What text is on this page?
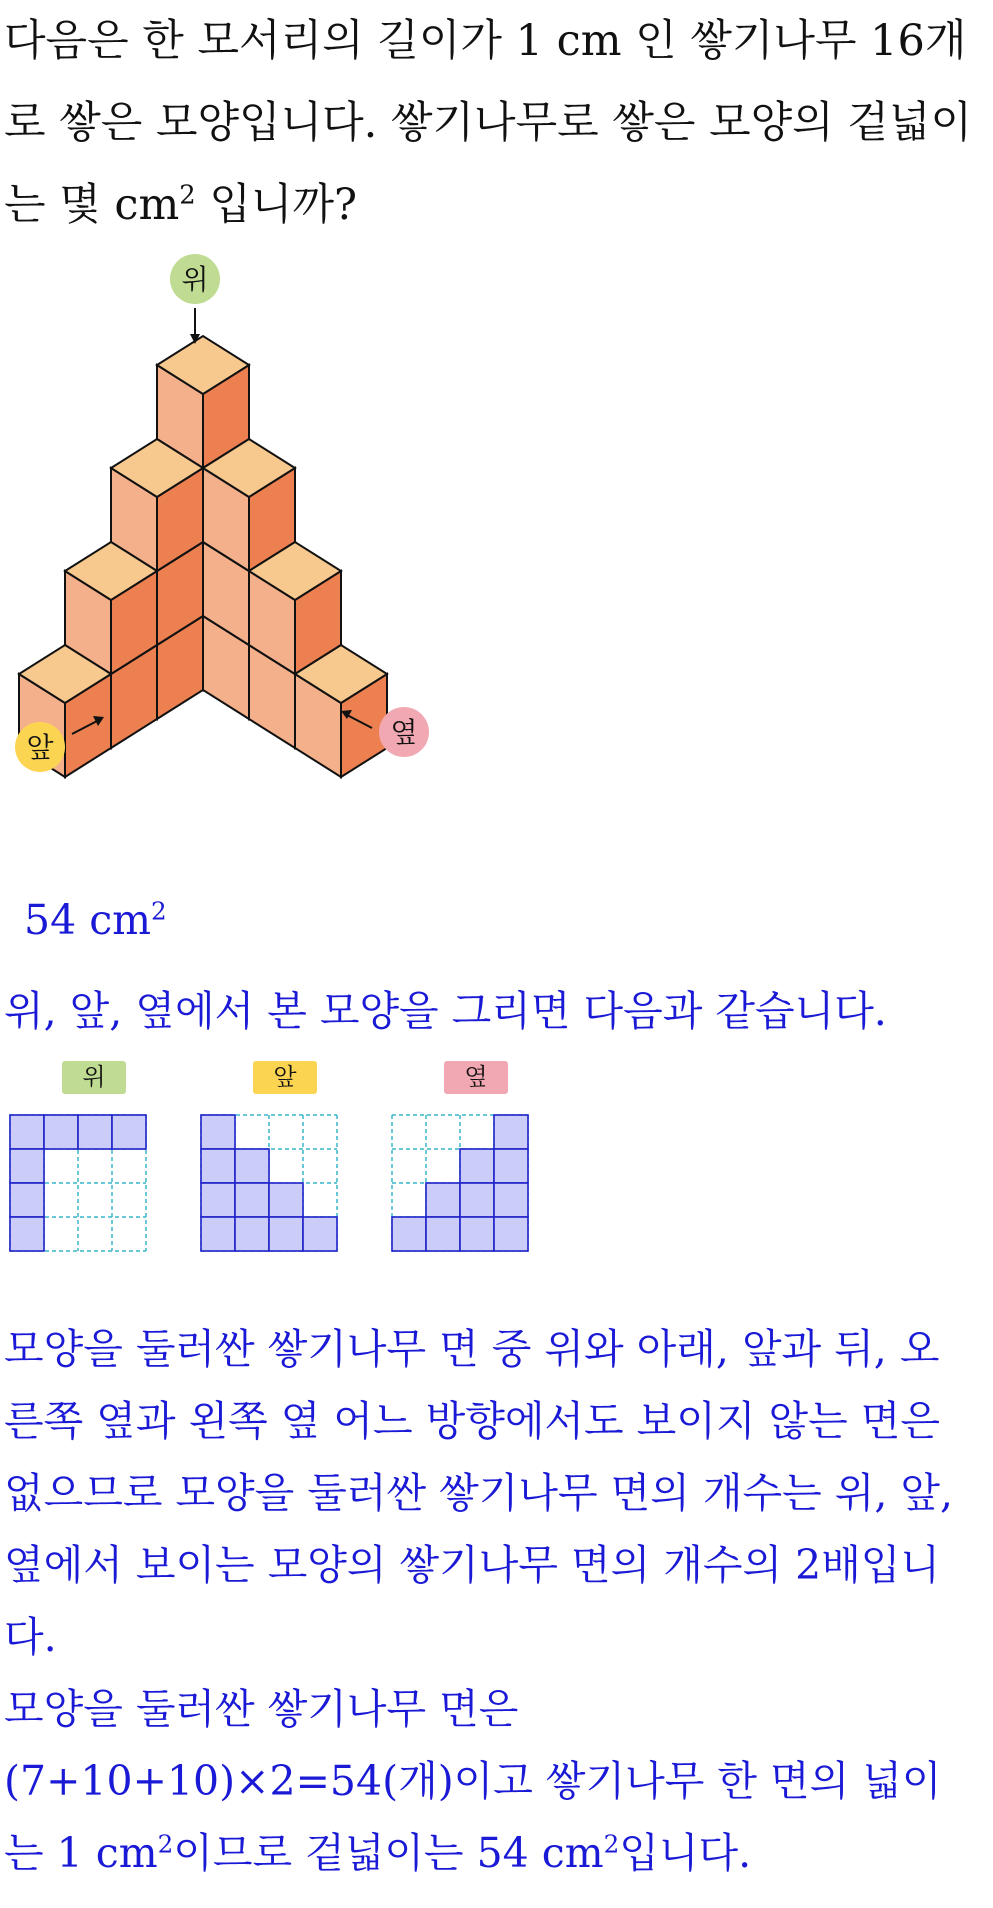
다음은 한 모서리의 길이가 1 cm 인 쌓기나무 16개
로 쌓은 모양입니다. 쌓기나무로 쌓은 모양의 겉넓이
는 몇 $cm^2$ 입니까?
위
앞	옆
54 $cm^2$
위, 앞, 옆에서 본 모양을 그리면 다음과 같습니다.
위	앞	옆
모양을 둘러싼 쌓기나무 면 중 위와 아래, 앞과 뒤, 오
른쪽 옆과 왼쪽 옆 어느 방향에서도 보이지 않는 면은
없으므로 모양을 둘러싼 쌓기나무 면의 개수는 위, 앞,
옆에서 보이는 모양의 쌓기나무 면의 개수의 2배입니
다.
모양을 둘러싼 쌓기나무 면은
(7+10+10)×2=54(개)이고 쌓기나무 한 면의 넓이
는 1 $cm^2$이므로 겉넓이는 54 $cm^2$입니다.
